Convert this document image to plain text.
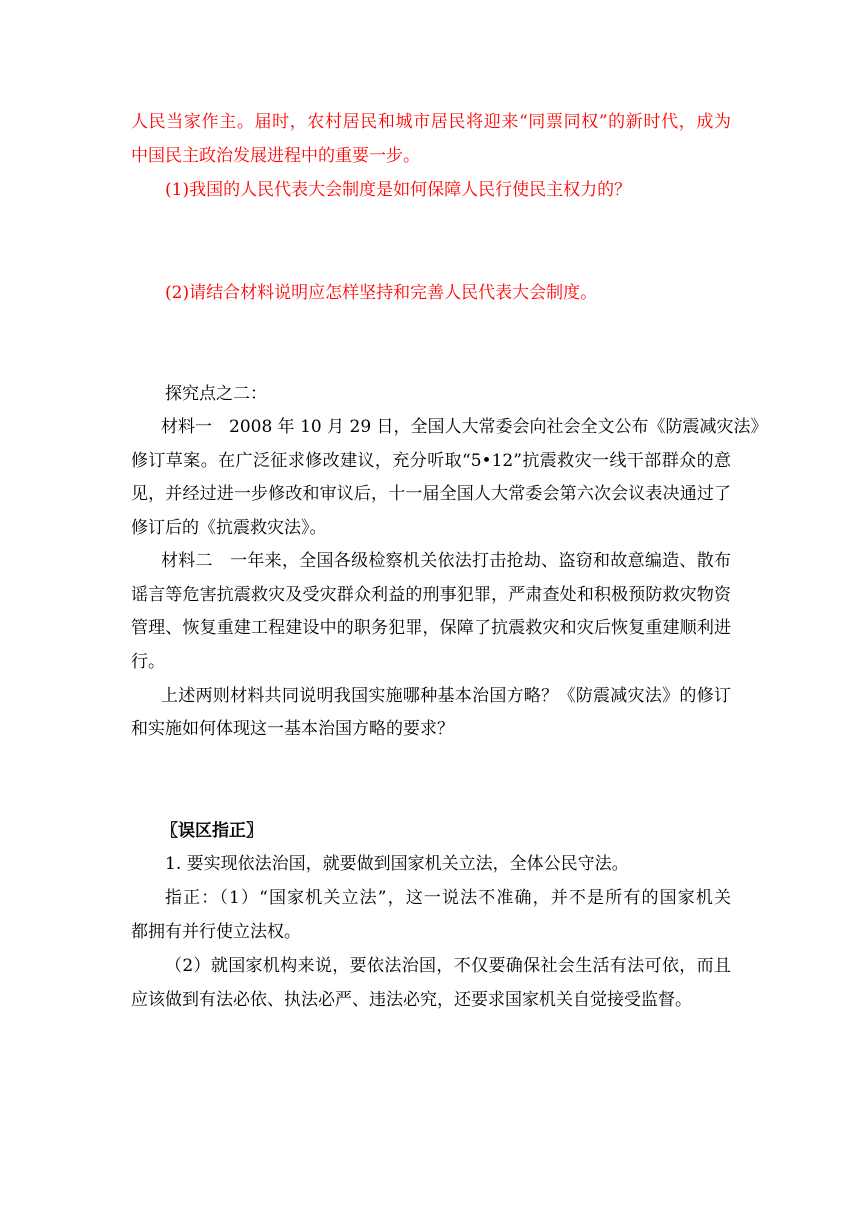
人民当家作主。届时，农村居民和城市居民将迎来“同票同权”的新时代，成为
中国民主政治发展进程中的重要一步。
(1)我国的人民代表大会制度是如何保障人民行使民主权力的？
(2)请结合材料说明应怎样坚持和完善人民代表大会制度。
探究点之二：
材料一　2008 年 10 月 29 日，全国人大常委会向社会全文公布《防震减灾法》
修订草案。在广泛征求修改建议，充分听取“5•12”抗震救灾一线干部群众的意
见，并经过进一步修改和审议后，十一届全国人大常委会第六次会议表决通过了
修订后的《抗震救灾法》。
材料二　一年来，全国各级检察机关依法打击抢劫、盗窃和故意编造、散布
谣言等危害抗震救灾及受灾群众利益的刑事犯罪，严肃查处和积极预防救灾物资
管理、恢复重建工程建设中的职务犯罪，保障了抗震救灾和灾后恢复重建顺利进
行。
上述两则材料共同说明我国实施哪种基本治国方略？《防震减灾法》的修订
和实施如何体现这一基本治国方略的要求？
〖误区指正〗
1. 要实现依法治国，就要做到国家机关立法，全体公民守法。
指正：（1）“国家机关立法”，这一说法不准确，并不是所有的国家机关
都拥有并行使立法权。
（2）就国家机构来说，要依法治国，不仅要确保社会生活有法可依，而且
应该做到有法必依、执法必严、违法必究，还要求国家机关自觉接受监督。
